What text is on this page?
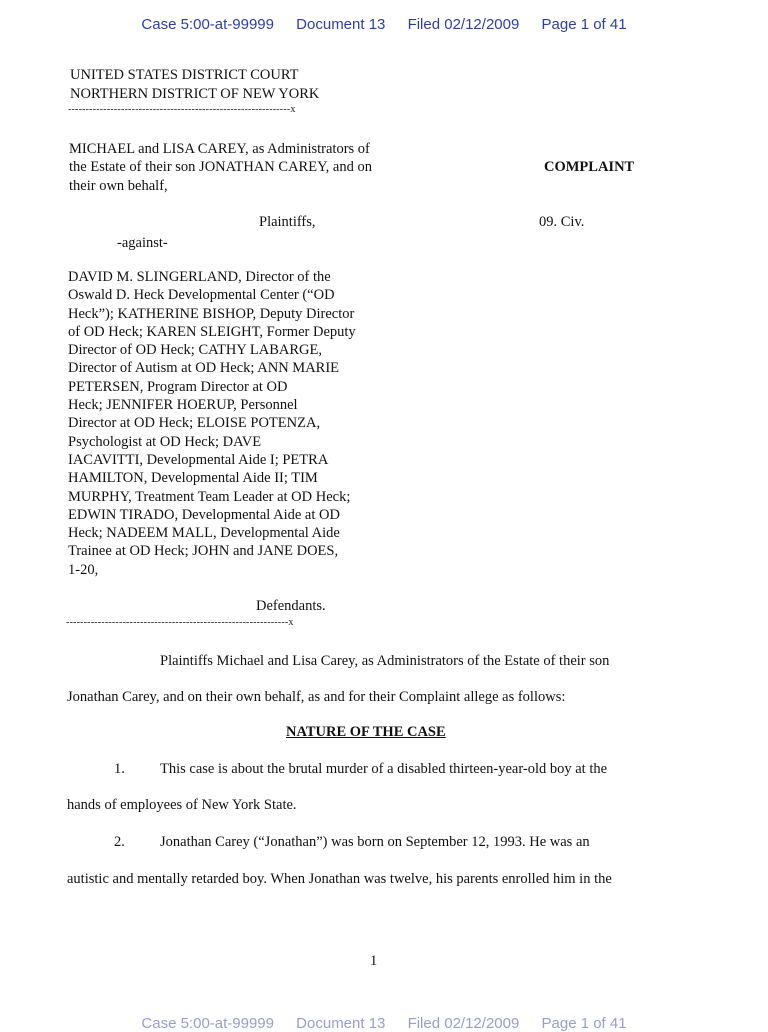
Case 5:00-at-99999 Document 13 Filed 02/12/2009 Page 1 of 41
UNITED STATES DISTRICT COURT
NORTHERN DISTRICT OF NEW YORK
---------------------------------------------------------------x
MICHAEL and LISA CAREY, as Administrators of
the Estate of their son JONATHAN CAREY, and on
their own behalf,
COMPLAINT
Plaintiffs,	09. Civ.
-against-
DAVID M. SLINGERLAND, Director of the
Oswald D. Heck Developmental Center (“OD
Heck”); KATHERINE BISHOP, Deputy Director
of OD Heck; KAREN SLEIGHT, Former Deputy
Director of OD Heck; CATHY LABARGE,
Director of Autism at OD Heck; ANN MARIE
PETERSEN, Program Director at OD
Heck; JENNIFER HOERUP, Personnel
Director at OD Heck; ELOISE POTENZA,
Psychologist at OD Heck; DAVE
IACAVITTI, Developmental Aide I; PETRA
HAMILTON, Developmental Aide II; TIM
MURPHY, Treatment Team Leader at OD Heck;
EDWIN TIRADO, Developmental Aide at OD
Heck; NADEEM MALL, Developmental Aide
Trainee at OD Heck; JOHN and JANE DOES,
1-20,
Defendants.
---------------------------------------------------------------x
Plaintiffs Michael and Lisa Carey, as Administrators of the Estate of their son
Jonathan Carey, and on their own behalf, as and for their Complaint allege as follows:
NATURE OF THE CASE
1. This case is about the brutal murder of a disabled thirteen-year-old boy at the
hands of employees of New York State.
2. Jonathan Carey (“Jonathan”) was born on September 12, 1993. He was an
autistic and mentally retarded boy. When Jonathan was twelve, his parents enrolled him in the
1
Case 5:00-at-99999 Document 13 Filed 02/12/2009 Page 1 of 41
